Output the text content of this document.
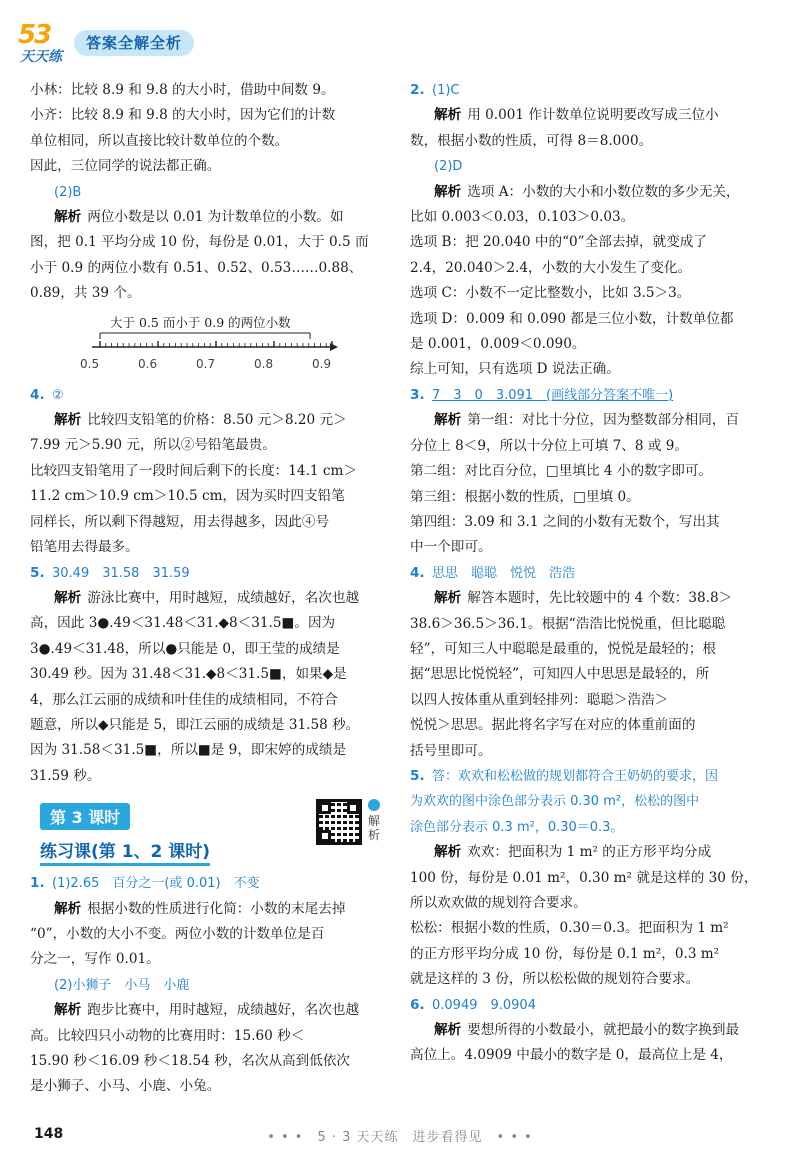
53
天天练
答案全解全析
小林：比较 8.9 和 9.8 的大小时，借助中间数 9。
小齐：比较 8.9 和 9.8 的大小时，因为它们的计数
单位相同，所以直接比较计数单位的个数。
因此，三位同学的说法都正确。
(2)B
解析 两位小数是以 0.01 为计数单位的小数。如
图，把 0.1 平均分成 10 份，每份是 0.01，大于 0.5 而
小于 0.9 的两位小数有 0.51、0.52、0.53……0.88、
0.89，共 39 个。
大于 0.5 而小于 0.9 的两位小数
0.5	0.6	0.7	0.8	0.9
4. ②
解析 比较四支铅笔的价格：8.50 元＞8.20 元＞
7.99 元＞5.90 元，所以②号铅笔最贵。
比较四支铅笔用了一段时间后剩下的长度：14.1 cm＞
11.2 cm＞10.9 cm＞10.5 cm，因为买时四支铅笔
同样长，所以剩下得越短，用去得越多，因此④号
铅笔用去得最多。
5. 30.49　31.58　31.59
解析 游泳比赛中，用时越短，成绩越好，名次也越
高，因此 3●.49＜31.48＜31.◆8＜31.5■。因为
3●.49＜31.48，所以●只能是 0，即王莹的成绩是
30.49 秒。因为 31.48＜31.◆8＜31.5■，如果◆是
4，那么江云丽的成绩和叶佳佳的成绩相同，不符合
题意，所以◆只能是 5，即江云丽的成绩是 31.58 秒。
因为 31.58＜31.5■，所以■是 9，即宋婷的成绩是
31.59 秒。
第 3 课时
练习课(第 1、2 课时)

解析
1. (1)2.65　百分之一(或 0.01)　不变
解析 根据小数的性质进行化简：小数的末尾去掉
“0”，小数的大小不变。两位小数的计数单位是百
分之一，写作 0.01。
(2)小狮子　小马　小鹿
解析 跑步比赛中，用时越短，成绩越好，名次也越
高。比较四只小动物的比赛用时：15.60 秒＜
15.90 秒＜16.09 秒＜18.54 秒，名次从高到低依次
是小狮子、小马、小鹿、小兔。
2. (1)C
解析 用 0.001 作计数单位说明要改写成三位小
数，根据小数的性质，可得 8＝8.000。
(2)D
解析 选项 A：小数的大小和小数位数的多少无关，
比如 0.003＜0.03，0.103＞0.03。
选项 B：把 20.040 中的“0”全部去掉，就变成了
2.4，20.040＞2.4，小数的大小发生了变化。
选项 C：小数不一定比整数小，比如 3.5＞3。
选项 D：0.009 和 0.090 都是三位小数，计数单位都
是 0.001，0.009＜0.090。
综上可知，只有选项 D 说法正确。
3. 7　3　0　3.091　(画线部分答案不唯一)
解析 第一组：对比十分位，因为整数部分相同，百
分位上 8＜9，所以十分位上可填 7、8 或 9。
第二组：对比百分位，□里填比 4 小的数字即可。
第三组：根据小数的性质，□里填 0。
第四组：3.09 和 3.1 之间的小数有无数个，写出其
中一个即可。
4. 思思　聪聪　悦悦　浩浩
解析 解答本题时，先比较题中的 4 个数：38.8＞
38.6＞36.5＞36.1。根据“浩浩比悦悦重，但比聪聪
轻”，可知三人中聪聪是最重的，悦悦是最轻的；根
据“思思比悦悦轻”，可知四人中思思是最轻的，所
以四人按体重从重到轻排列：聪聪＞浩浩＞
悦悦＞思思。据此将名字写在对应的体重前面的
括号里即可。
5. 答：欢欢和松松做的规划都符合王奶奶的要求，因
为欢欢的图中涂色部分表示 0.30 m²，松松的图中
涂色部分表示 0.3 m²，0.30＝0.3。
解析 欢欢：把面积为 1 m² 的正方形平均分成
100 份，每份是 0.01 m²，0.30 m² 就是这样的 30 份，
所以欢欢做的规划符合要求。
松松：根据小数的性质，0.30＝0.3。把面积为 1 m²
的正方形平均分成 10 份，每份是 0.1 m²，0.3 m²
就是这样的 3 份，所以松松做的规划符合要求。
6. 0.0949　9.0904
解析 要想所得的小数最小，就把最小的数字换到最
高位上。4.0909 中最小的数字是 0，最高位上是 4，
148	• • •　5 · 3 天天练　进步看得见　• • •
